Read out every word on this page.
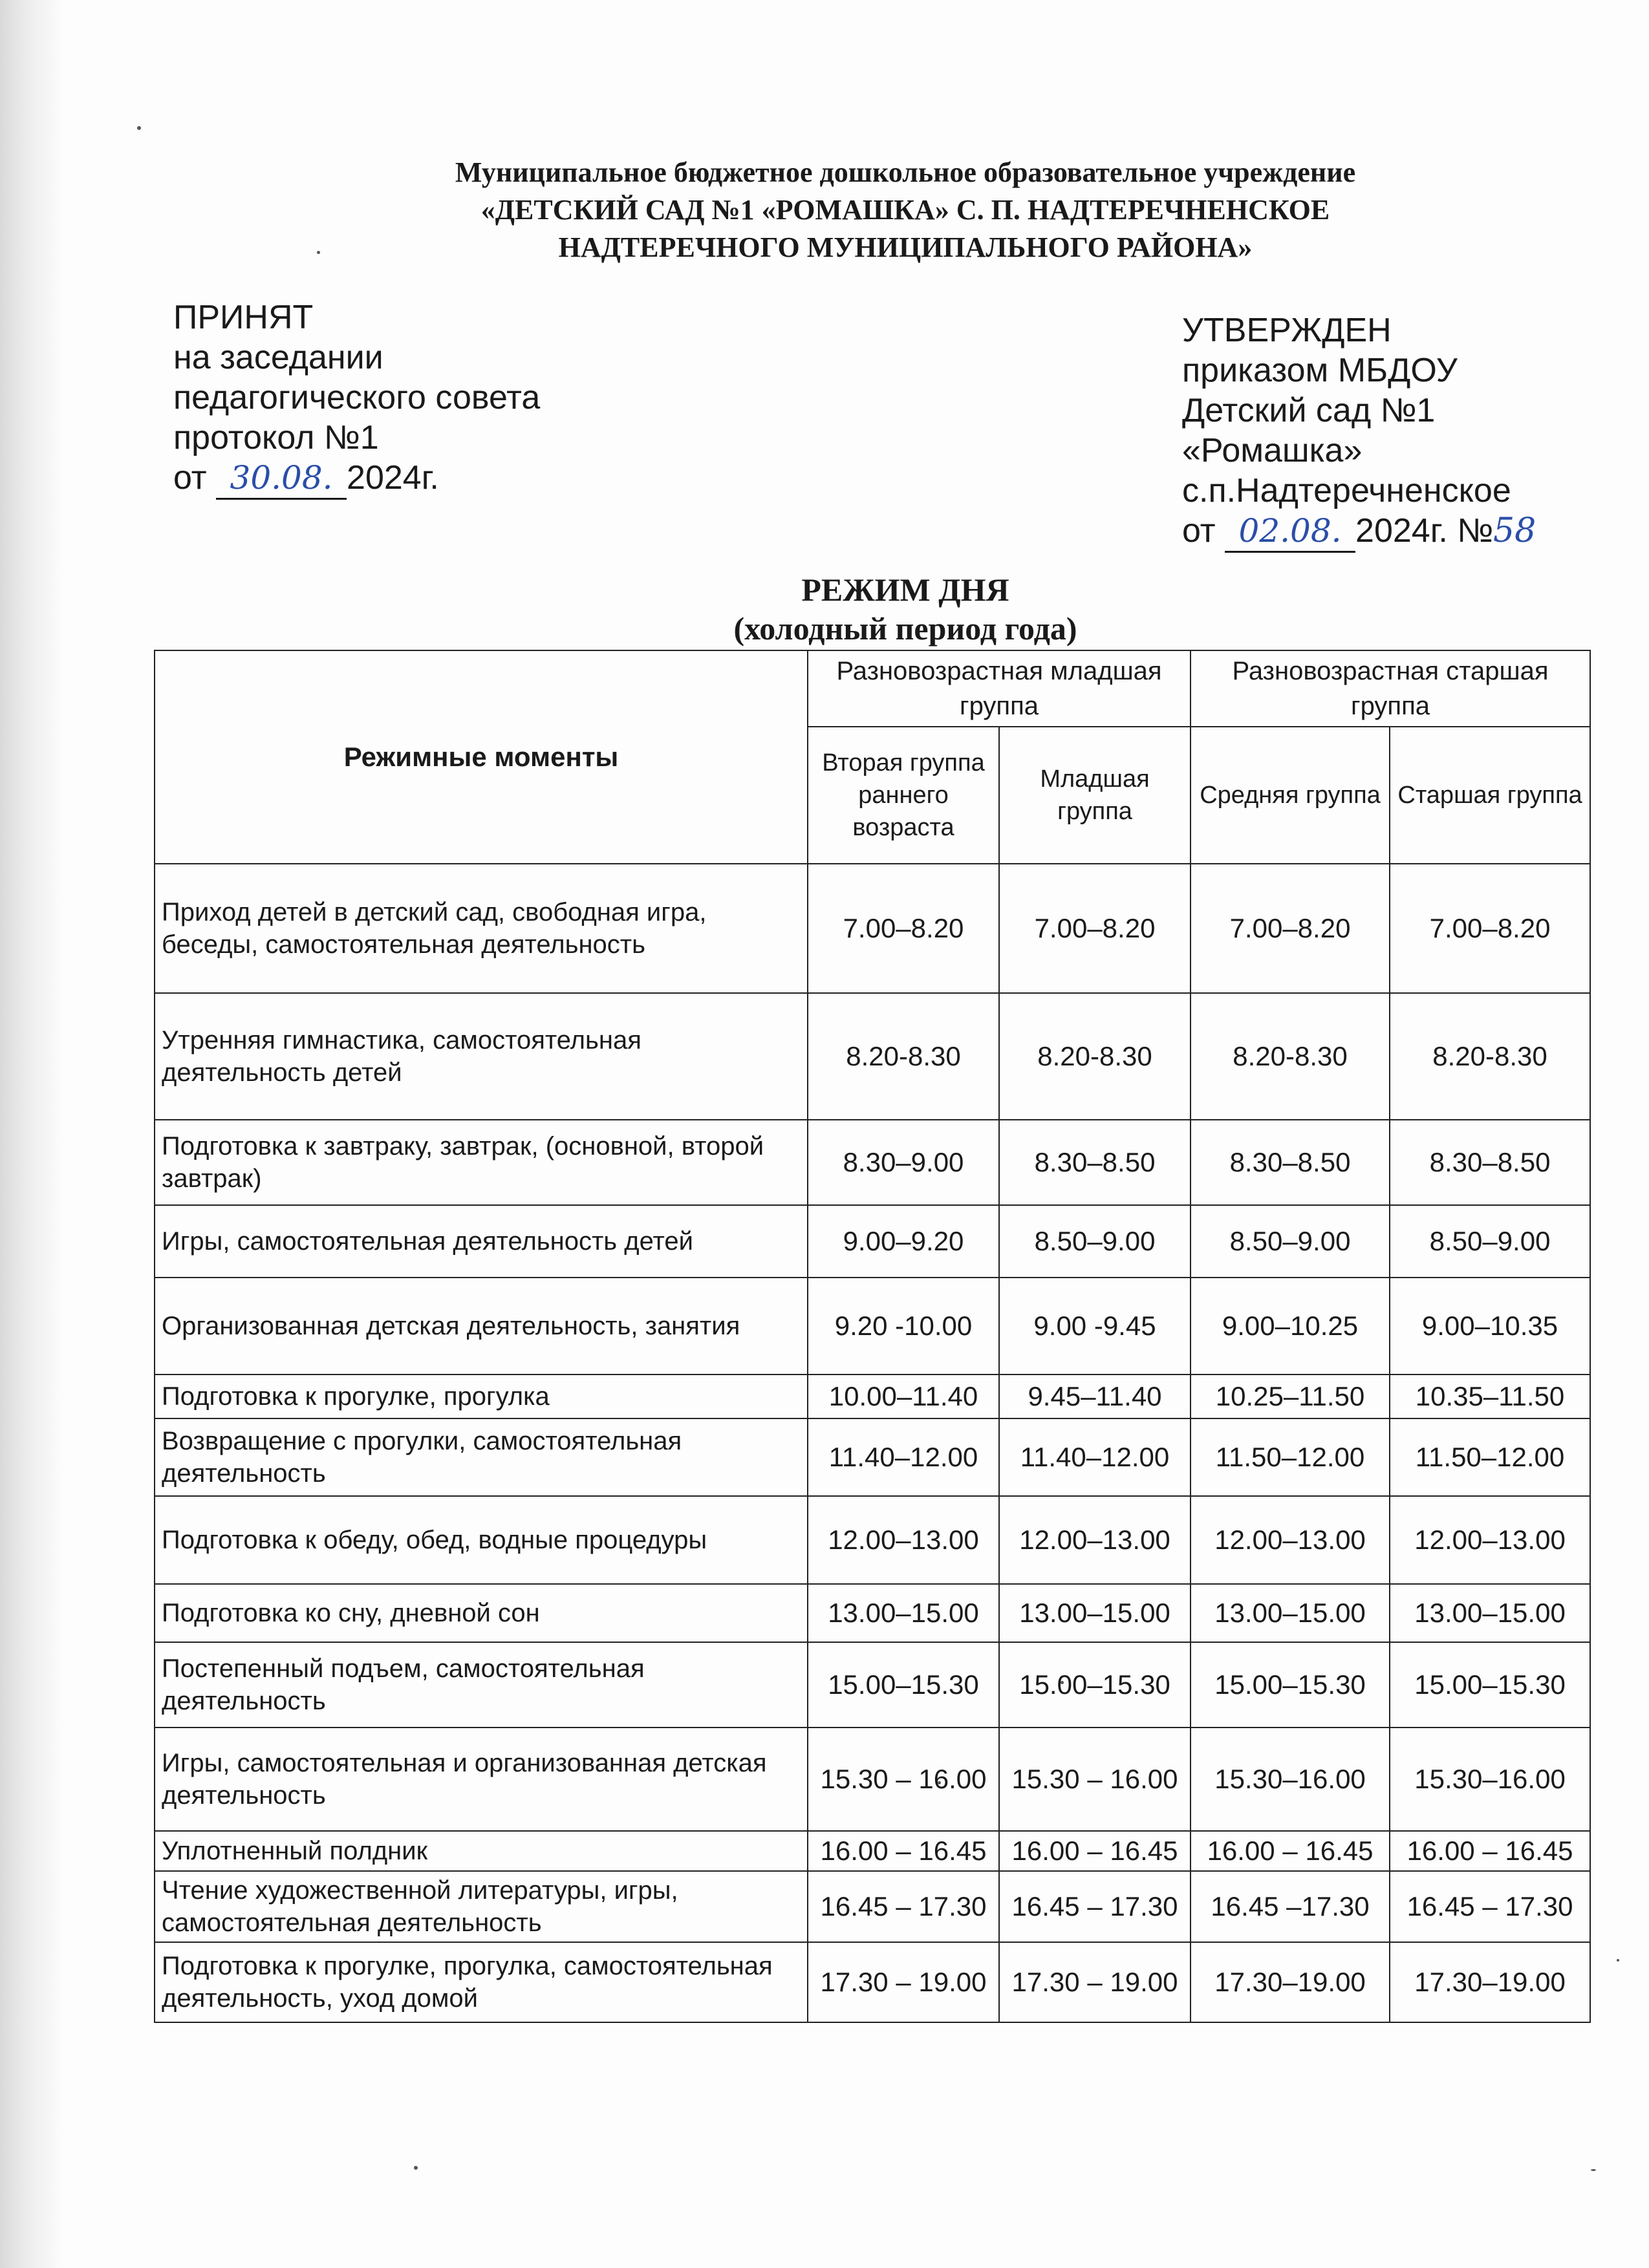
Муниципальное бюджетное дошкольное образовательное учреждение
«ДЕТСКИЙ САД №1 «РОМАШКА» С. П. НАДТЕРЕЧНЕНСКОЕ
НАДТЕРЕЧНОГО МУНИЦИПАЛЬНОГО РАЙОНА»
ПРИНЯТ
на заседании
педагогического совета
протокол №1
от 30.08. 2024г.
УТВЕРЖДЕН
приказом МБДОУ
Детский сад №1
«Ромашка»
с.п.Надтеречненское
от 02.08. 2024г. №58
РЕЖИМ ДНЯ
(холодный период года)
Режимные моменты	Разновозрастная младшая группа		Разновозрастная старшая группа	
	Вторая группа раннего возраста	Младшая группа	Средняя группа	Старшая группа
Приход детей в детский сад, свободная игра, беседы, самостоятельная деятельность	7.00–8.20	7.00–8.20	7.00–8.20	7.00–8.20
Утренняя гимнастика, самостоятельная деятельность детей	8.20-8.30	8.20-8.30	8.20-8.30	8.20-8.30
Подготовка к завтраку, завтрак, (основной, второй завтрак)	8.30–9.00	8.30–8.50	8.30–8.50	8.30–8.50
Игры, самостоятельная деятельность детей	9.00–9.20	8.50–9.00	8.50–9.00	8.50–9.00
Организованная детская деятельность, занятия	9.20 -10.00	9.00 -9.45	9.00–10.25	9.00–10.35
Подготовка к прогулке, прогулка	10.00–11.40	9.45–11.40	10.25–11.50	10.35–11.50
Возвращение с прогулки, самостоятельная деятельность	11.40–12.00	11.40–12.00	11.50–12.00	11.50–12.00
Подготовка к обеду, обед, водные процедуры	12.00–13.00	12.00–13.00	12.00–13.00	12.00–13.00
Подготовка ко сну, дневной сон	13.00–15.00	13.00–15.00	13.00–15.00	13.00–15.00
Постепенный подъем, самостоятельная деятельность	15.00–15.30	15.00–15.30	15.00–15.30	15.00–15.30
Игры, самостоятельная и организованная детская деятельность	15.30 – 16.00	15.30 – 16.00	15.30–16.00	15.30–16.00
Уплотненный полдник	16.00 – 16.45	16.00 – 16.45	16.00 – 16.45	16.00 – 16.45
Чтение художественной литературы, игры, самостоятельная деятельность	16.45 – 17.30	16.45 – 17.30	16.45 –17.30	16.45 – 17.30
Подготовка к прогулке, прогулка, самостоятельная деятельность, уход домой	17.30 – 19.00	17.30 – 19.00	17.30–19.00	17.30–19.00
